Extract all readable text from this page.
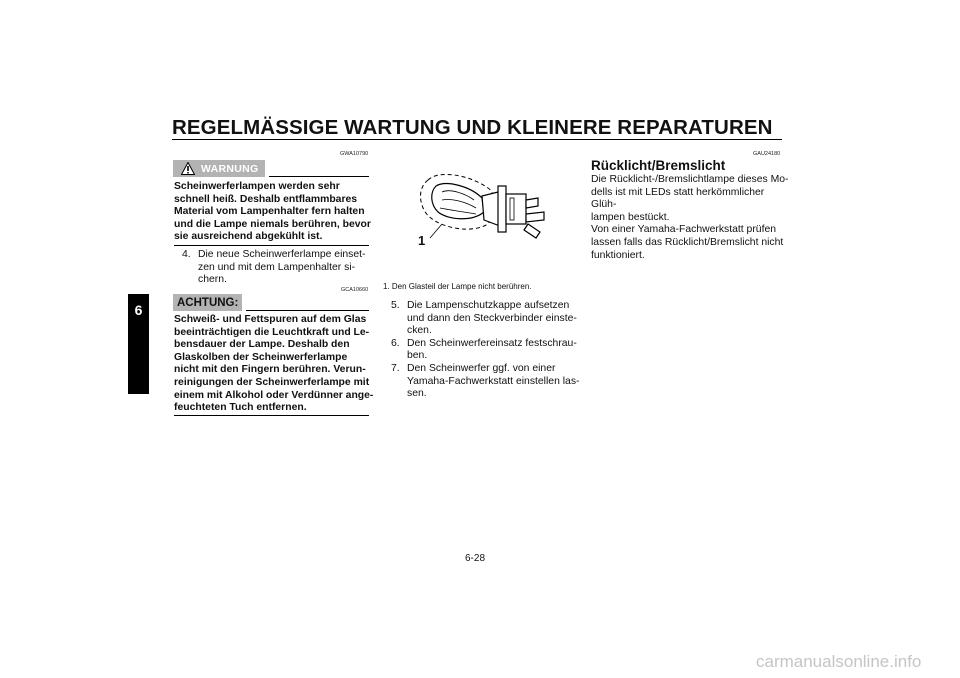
REGELMÄSSIGE WARTUNG UND KLEINERE REPARATUREN
6
GWA10790
WARNUNG
Scheinwerferlampen werden sehr
schnell heiß. Deshalb entflammbares
Material vom Lampenhalter fern halten
und die Lampe niemals berühren, bevor
sie ausreichend abgekühlt ist.
4. Die neue Scheinwerferlampe einset-
zen und mit dem Lampenhalter si-
chern.
GCA10660
ACHTUNG:
Schweiß- und Fettspuren auf dem Glas
beeinträchtigen die Leuchtkraft und Le-
bensdauer der Lampe. Deshalb den
Glaskolben der Scheinwerferlampe
nicht mit den Fingern berühren. Verun-
reinigungen der Scheinwerferlampe mit
einem mit Alkohol oder Verdünner ange-
feuchteten Tuch entfernen.
1
1. Den Glasteil der Lampe nicht berühren.
5. Die Lampenschutzkappe aufsetzen
und dann den Steckverbinder einste-
cken.
6. Den Scheinwerfereinsatz festschrau-
ben.
7. Den Scheinwerfer ggf. von einer
Yamaha-Fachwerkstatt einstellen las-
sen.
GAU24180
Rücklicht/Bremslicht
Die Rücklicht-/Bremslichtlampe dieses Mo-
dells ist mit LEDs statt herkömmlicher Glüh-
lampen bestückt.
Von einer Yamaha-Fachwerkstatt prüfen
lassen falls das Rücklicht/Bremslicht nicht
funktioniert.
6-28
carmanualsonline.info
